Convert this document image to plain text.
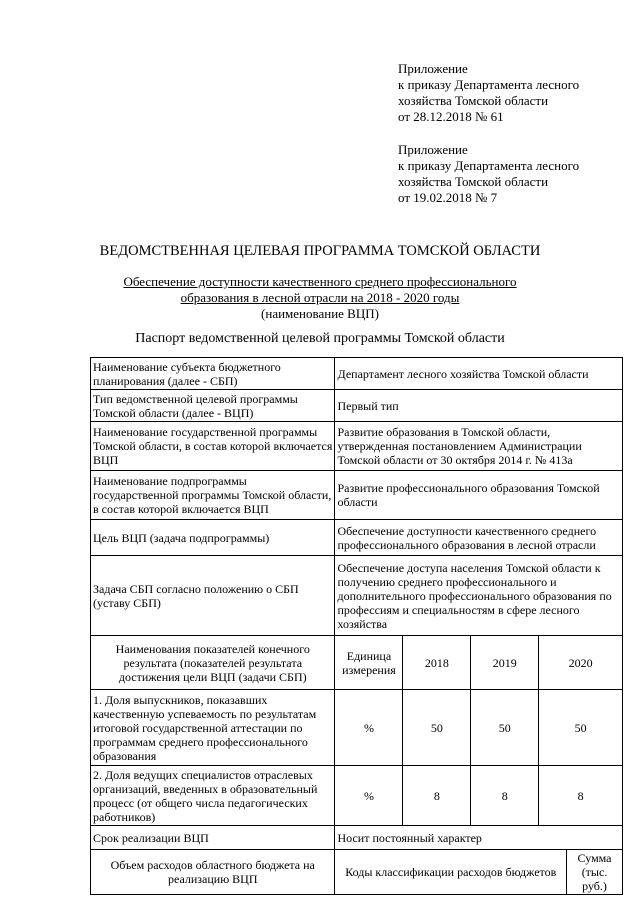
Приложение
к приказу Департамента лесного
хозяйства Томской области
от 28.12.2018 № 61
Приложение
к приказу Департамента лесного
хозяйства Томской области
от 19.02.2018 № 7
ВЕДОМСТВЕННАЯ ЦЕЛЕВАЯ ПРОГРАММА ТОМСКОЙ ОБЛАСТИ
Обеспечение доступности качественного среднего профессионального
образования в лесной отрасли на 2018 - 2020 годы
(наименование ВЦП)
Паспорт ведомственной целевой программы Томской области
Наименование субъекта бюджетного планирования (далее - СБП)	Департамент лесного хозяйства Томской области				
Тип ведомственной целевой программы Томской области (далее - ВЦП)	Первый тип				
Наименование государственной программы Томской области, в состав которой включается ВЦП	Развитие образования в Томской области, утвержденная постановлением Администрации Томской области от 30 октября 2014 г. № 413а				
Наименование подпрограммы государственной программы Томской области, в состав которой включается ВЦП	Развитие профессионального образования Томской области				
Цель ВЦП (задача подпрограммы)	Обеспечение доступности качественного среднего профессионального образования в лесной отрасли				
Задача СБП согласно положению о СБП (уставу СБП)	Обеспечение доступа населения Томской области к получению среднего профессионального и дополнительного профессионального образования по профессиям и специальностям в сфере лесного хозяйства				
Наименования показателей конечного результата (показателей результата достижения цели ВЦП (задачи СБП)	Единица измерения	2018	2019	2020	
1. Доля выпускников, показавших качественную успеваемость по результатам итоговой государственной аттестации по программам среднего профессионального образования	%	50	50	50	
2. Доля ведущих специалистов отраслевых организаций, введенных в образовательный процесс (от общего числа педагогических работников)	%	8	8	8	
Срок реализации ВЦП	Носит постоянный характер				
Объем расходов областного бюджета на реализацию ВЦП	Коды классификации расходов бюджетов				Сумма (тыс. руб.)
